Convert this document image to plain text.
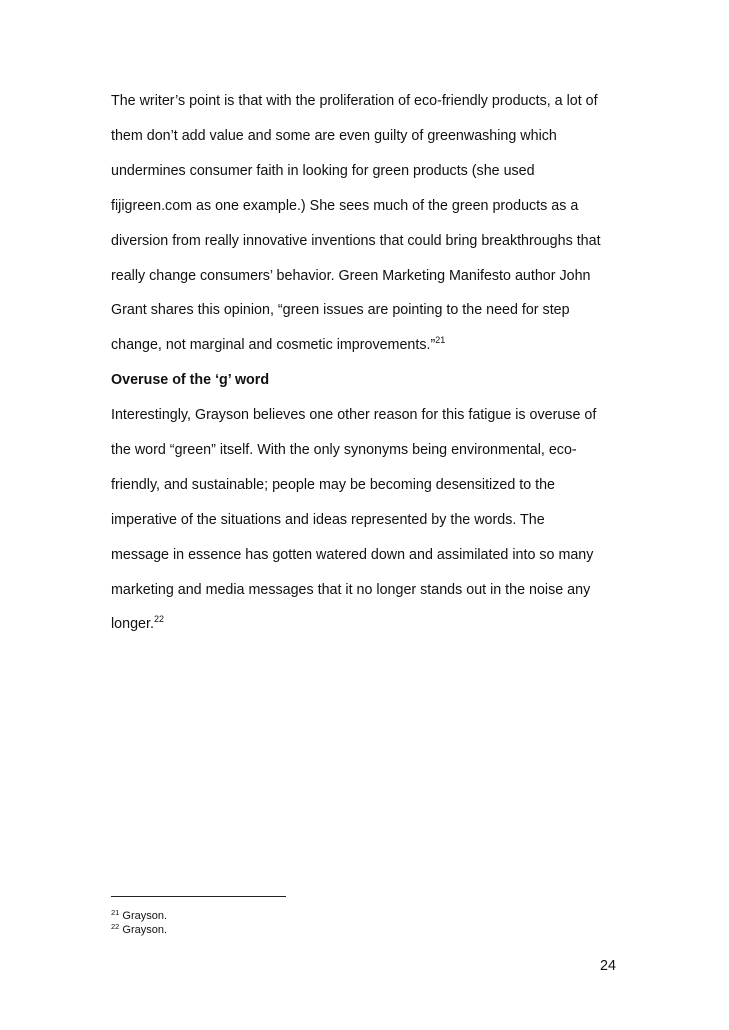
The writer’s point is that with the proliferation of eco-friendly products, a lot of
them don’t add value and some are even guilty of greenwashing which
undermines consumer faith in looking for green products (she used
fijigreen.com as one example.) She sees much of the green products as a
diversion from really innovative inventions that could bring breakthroughs that
really change consumers’ behavior. Green Marketing Manifesto author John
Grant shares this opinion, “green issues are pointing to the need for step
change, not marginal and cosmetic improvements.”$^{21}$
Overuse of the ‘g’ word
Interestingly, Grayson believes one other reason for this fatigue is overuse of
the word “green” itself. With the only synonyms being environmental, eco-
friendly, and sustainable; people may be becoming desensitized to the
imperative of the situations and ideas represented by the words. The
message in essence has gotten watered down and assimilated into so many
marketing and media messages that it no longer stands out in the noise any
longer.$^{22}$
$^{21}$ Grayson.
$^{22}$ Grayson.
24
